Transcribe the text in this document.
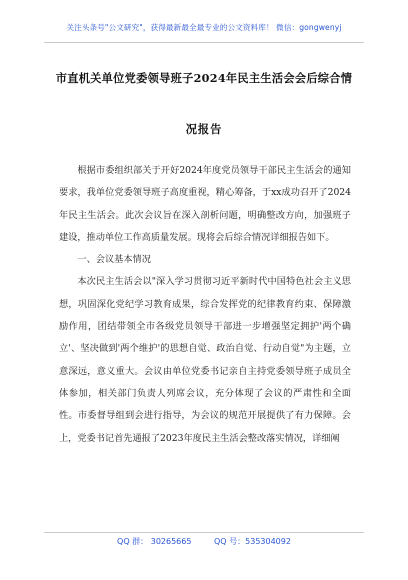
关注头条号"公文研究"，获得最新最全最专业的公文资料库！ 微信：gongwenyj
市直机关单位党委领导班子2024年民主生活会会后综合情
况报告

根据市委组织部关于开好2024年度党员领导干部民主生活会的通知要求，我单位党委领导班子高度重视，精心筹备，于xx成功召开了2024年民主生活会。此次会议旨在深入剖析问题，明确整改方向，加强班子建设，推动单位工作高质量发展。现将会后综合情况详细报告如下。

一、会议基本情况

本次民主生活会以"深入学习贯彻习近平新时代中国特色社会主义思想，巩固深化党纪学习教育成果，综合发挥党的纪律教育约束、保障激励作用，团结带领全市各级党员领导干部进一步增强坚定拥护'两个确立'、坚决做到'两个维护'的思想自觉、政治自觉、行动自觉"为主题，立意深远，意义重大。会议由单位党委书记亲自主持党委领导班子成员全体参加，相关部门负责人列席会议，充分体现了会议的严肃性和全面性。市委督导组到会进行指导，为会议的规范开展提供了有力保障。会上，党委书记首先通报了2023年度民主生活会整改落实情况，详细阐

QQ 群： 30265665	QQ 号：535304092
